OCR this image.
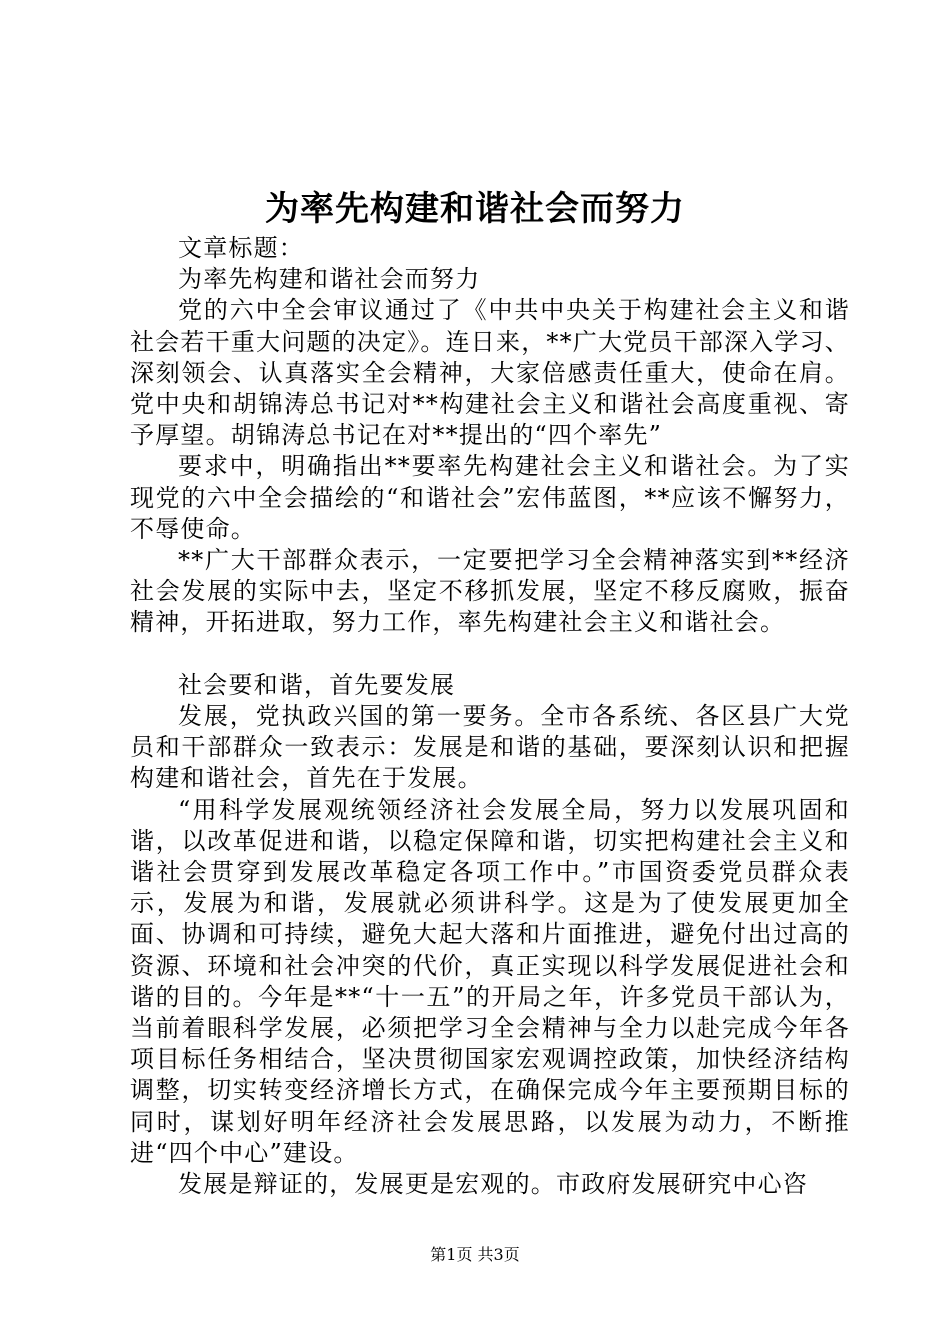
为率先构建和谐社会而努力

文章标题：

为率先构建和谐社会而努力

党的六中全会审议通过了《中共中央关于构建社会主义和谐社会若干重大问题的决定》。连日来，**广大党员干部深入学习、深刻领会、认真落实全会精神，大家倍感责任重大，使命在肩。党中央和胡锦涛总书记对**构建社会主义和谐社会高度重视、寄予厚望。胡锦涛总书记在对**提出的“四个率先”

要求中，明确指出**要率先构建社会主义和谐社会。为了实现党的六中全会描绘的“和谐社会”宏伟蓝图，**应该不懈努力，不辱使命。

**广大干部群众表示，一定要把学习全会精神落实到**经济社会发展的实际中去，坚定不移抓发展，坚定不移反腐败，振奋精神，开拓进取，努力工作，率先构建社会主义和谐社会。

社会要和谐，首先要发展

发展，党执政兴国的第一要务。全市各系统、各区县广大党员和干部群众一致表示：发展是和谐的基础，要深刻认识和把握构建和谐社会，首先在于发展。

“用科学发展观统领经济社会发展全局，努力以发展巩固和谐，以改革促进和谐，以稳定保障和谐，切实把构建社会主义和谐社会贯穿到发展改革稳定各项工作中。”市国资委党员群众表示，发展为和谐，发展就必须讲科学。这是为了使发展更加全面、协调和可持续，避免大起大落和片面推进，避免付出过高的资源、环境和社会冲突的代价，真正实现以科学发展促进社会和谐的目的。今年是**“十一五”的开局之年，许多党员干部认为，当前着眼科学发展，必须把学习全会精神与全力以赴完成今年各项目标任务相结合，坚决贯彻国家宏观调控政策，加快经济结构调整，切实转变经济增长方式，在确保完成今年主要预期目标的同时，谋划好明年经济社会发展思路，以发展为动力，不断推进“四个中心”建设。

发展是辩证的，发展更是宏观的。市政府发展研究中心咨

第1页 共3页
